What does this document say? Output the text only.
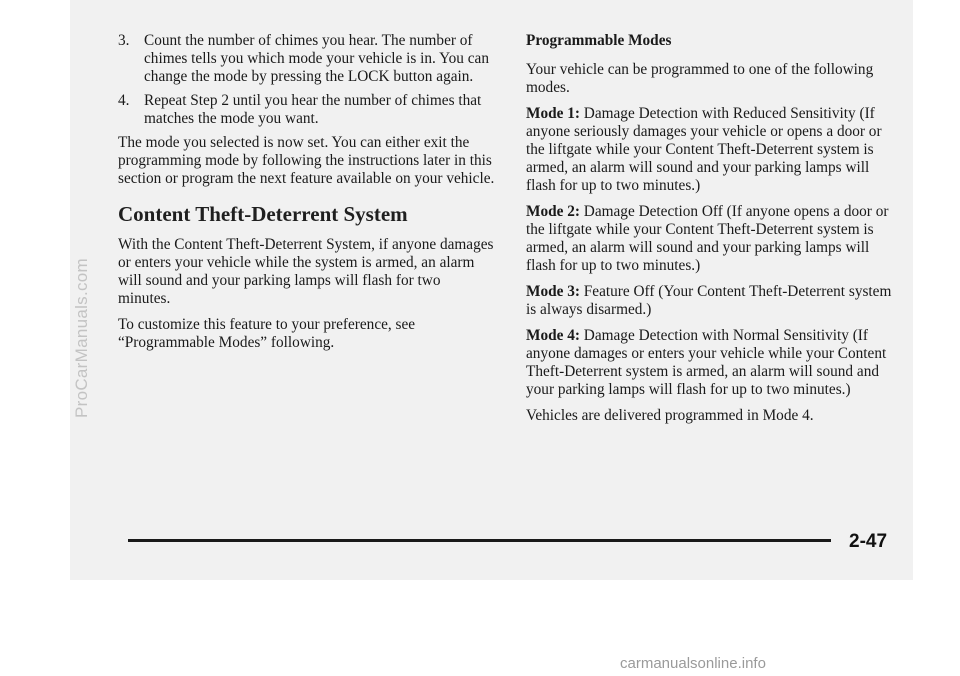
ProCarManuals.com
3. Count the number of chimes you hear. The number of chimes tells you which mode your vehicle is in. You can change the mode by pressing the LOCK button again.
4. Repeat Step 2 until you hear the number of chimes that matches the mode you want.

The mode you selected is now set. You can either exit the programming mode by following the instructions later in this section or program the next feature available on your vehicle.

Content Theft-Deterrent System

With the Content Theft-Deterrent System, if anyone damages or enters your vehicle while the system is armed, an alarm will sound and your parking lamps will flash for two minutes.

To customize this feature to your preference, see “Programmable Modes” following.

Programmable Modes

Your vehicle can be programmed to one of the following modes.

Mode 1: Damage Detection with Reduced Sensitivity (If anyone seriously damages your vehicle or opens a door or the liftgate while your Content Theft-Deterrent system is armed, an alarm will sound and your parking lamps will flash for up to two minutes.)

Mode 2: Damage Detection Off (If anyone opens a door or the liftgate while your Content Theft-Deterrent system is armed, an alarm will sound and your parking lamps will flash for up to two minutes.)

Mode 3: Feature Off (Your Content Theft-Deterrent system is always disarmed.)

Mode 4: Damage Detection with Normal Sensitivity (If anyone damages or enters your vehicle while your Content Theft-Deterrent system is armed, an alarm will sound and your parking lamps will flash for up to two minutes.)

Vehicles are delivered programmed in Mode 4.

2-47
carmanualsonline.info
